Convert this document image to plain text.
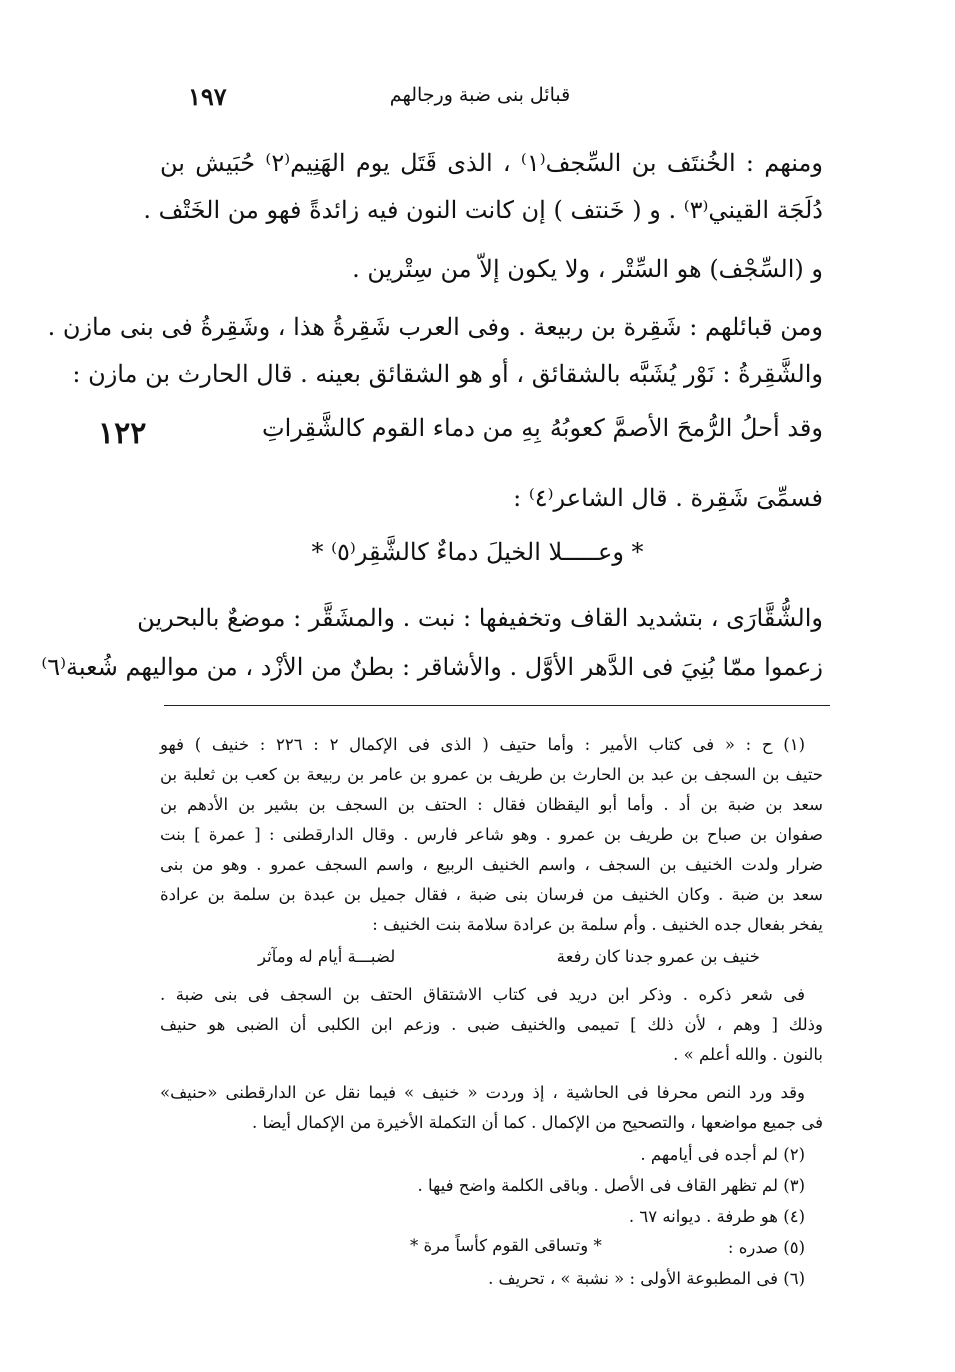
١٩٧	قبائل بنى ضبة ورجالهم
١٢٢
ومنهم : الخُنتَف بن السِّجف⁽١⁾ ، الذى قَتَل يوم الهَنِيم⁽٢⁾ حُبَيش بن
دُلَجَة القيني⁽٣⁾ . و ( خَنتف ) إن كانت النون فيه زائدةً فهو من الخَتْف .
و (السِّجْف) هو السِّتْر ، ولا يكون إلاّ من سِتْرين .
ومن قبائلهم : شَقِرة بن ربيعة . وفى العرب شَقِرةُ هذا ، وشَقِرةُ فى بنى مازن .
والشَّقِرةُ : نَوْر يُشَبَّه بالشقائق ، أو هو الشقائق بعينه . قال الحارث بن مازن :
وقد أحلُ الرُّمحَ الأصمَّ كعوبُهُ
بِهِ من دماء القوم كالشَّقِراتِ
فسمِّىَ شَقِرة . قال الشاعر⁽٤⁾ :
* وعـــــلا الخيلَ دماءٌ كالشَّقِر⁽٥⁾ *
والشُّقَّارَى ، بتشديد القاف وتخفيفها : نبت . والمشَقَّر : موضعٌ بالبحرين
زعموا ممّا بُنِيَ فى الدَّهر الأوَّل . والأشاقر : بطنٌ من الأزْد ، من مواليهم شُعبة⁽٦⁾
(١) ح : « فى كتاب الأمير : وأما حتيف ( الذى فى الإكمال ٢ : ٢٢٦ : خنيف ) فهو
حتيف بن السجف بن عبد بن الحارث بن طريف بن عمرو بن عامر بن ربيعة بن كعب بن ثعلبة بن
سعد بن ضبة بن أد . وأما أبو اليقظان فقال : الحتف بن السجف بن بشير بن الأدهم بن
صفوان بن صباح بن طريف بن عمرو . وهو شاعر فارس . وقال الدارقطنى : [ عمرة ] بنت
ضرار ولدت الخنيف بن السجف ، واسم الخنيف الربيع ، واسم السجف عمرو . وهو من بنى
سعد بن ضبة . وكان الخنيف من فرسان بنى ضبة ، فقال جميل بن عبدة بن سلمة بن عرادة
يفخر بفعال جده الخنيف . وأم سلمة بن عرادة سلامة بنت الخنيف :
خنيف بن عمرو جدنا كان رفعة
لضبـــة أيام له ومآثر
فى شعر ذكره . وذكر ابن دريد فى كتاب الاشتقاق الحتف بن السجف فى بنى ضبة .
وذلك [ وهم ، لأن ذلك ] تميمى والخنيف ضبى . وزعم ابن الكلبى أن الضبى هو حنيف
بالنون . والله أعلم » .
وقد ورد النص محرفا فى الحاشية ، إذ وردت « خنيف » فيما نقل عن الدارقطنى «حنيف»
فى جميع مواضعها ، والتصحيح من الإكمال . كما أن التكملة الأخيرة من الإكمال أيضا .
(٢) لم أجده فى أيامهم .
(٣) لم تظهر القاف فى الأصل . وباقى الكلمة واضح فيها .
(٤) هو طرفة . ديوانه ٦٧ .
(٥) صدره :
* وتساقى القوم كأساً مرة *
(٦) فى المطبوعة الأولى : « نشبة » ، تحريف .
